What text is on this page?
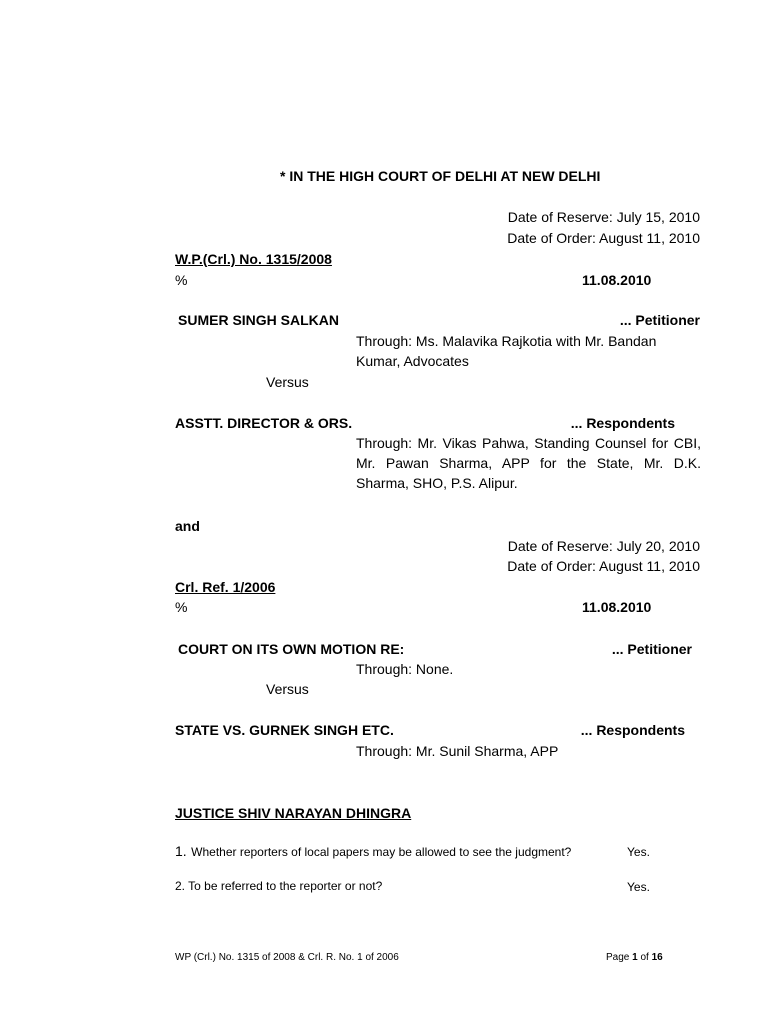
* IN THE HIGH COURT OF DELHI AT NEW DELHI
Date of Reserve: July 15, 2010
Date of Order: August 11, 2010
W.P.(Crl.) No. 1315/2008
%	11.08.2010
SUMER SINGH SALKAN	... Petitioner
Through: Ms. Malavika Rajkotia with Mr. Bandan Kumar, Advocates
Versus
ASSTT. DIRECTOR & ORS.	... Respondents
Through: Mr. Vikas Pahwa, Standing Counsel for CBI, Mr. Pawan Sharma, APP for the State, Mr. D.K. Sharma, SHO, P.S. Alipur.
and
Date of Reserve: July 20, 2010
Date of Order: August 11, 2010
Crl. Ref. 1/2006
%	11.08.2010
COURT ON ITS OWN MOTION RE:	... Petitioner
Through: None.
Versus
STATE VS. GURNEK SINGH ETC.	... Respondents
Through: Mr. Sunil Sharma, APP
JUSTICE SHIV NARAYAN DHINGRA
1. Whether reporters of local papers may be allowed to see the judgment?	Yes.
2. To be referred to the reporter or not?	Yes.
WP (Crl.) No. 1315 of 2008 & Crl. R. No. 1 of 2006	Page 1 of 16
